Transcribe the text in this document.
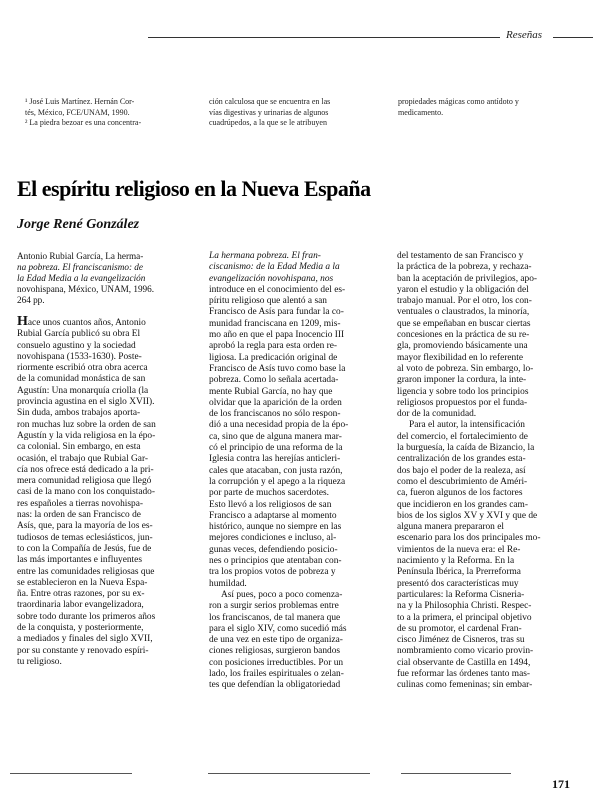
Reseñas
¹ José Luis Martínez. Hernán Cor-
tés, México, FCE/UNAM, 1990.
² La piedra bezoar es una concentra-
ción calculosa que se encuentra en las
vías digestivas y urinarias de algunos
cuadrúpedos, a la que se le atribuyen
propiedades mágicas como antídoto y
medicamento.
El espíritu religioso en la Nueva España
Jorge René González
Antonio Rubial García, La herma-
na pobreza. El franciscanismo: de
la Edad Media a la evangelización
novohispana, México, UNAM, 1996.
264 pp.
Hace unos cuantos años, Antonio
Rubial García publicó su obra El
consuelo agustino y la sociedad
novohispana (1533-1630). Poste-
riormente escribió otra obra acerca
de la comunidad monástica de san
Agustín: Una monarquía criolla (la
provincia agustina en el siglo XVII).
Sin duda, ambos trabajos aporta-
ron muchas luz sobre la orden de san
Agustín y la vida religiosa en la épo-
ca colonial. Sin embargo, en esta
ocasión, el trabajo que Rubial Gar-
cía nos ofrece está dedicado a la pri-
mera comunidad religiosa que llegó
casi de la mano con los conquistado-
res españoles a tierras novohispa-
nas: la orden de san Francisco de
Asís, que, para la mayoría de los es-
tudiosos de temas eclesiásticos, jun-
to con la Compañía de Jesús, fue de
las más importantes e influyentes
entre las comunidades religiosas que
se establecieron en la Nueva Espa-
ña. Entre otras razones, por su ex-
traordinaria labor evangelizadora,
sobre todo durante los primeros años
de la conquista, y posteriormente,
a mediados y finales del siglo XVII,
por su constante y renovado espíri-
tu religioso.
La hermana pobreza. El fran-
ciscanismo: de la Edad Media a la
evangelización novohispana, nos
introduce en el conocimiento del es-
píritu religioso que alentó a san
Francisco de Asís para fundar la co-
munidad franciscana en 1209, mis-
mo año en que el papa Inocencio III
aprobó la regla para esta orden re-
ligiosa. La predicación original de
Francisco de Asís tuvo como base la
pobreza. Como lo señala acertada-
mente Rubial García, no hay que
olvidar que la aparición de la orden
de los franciscanos no sólo respon-
dió a una necesidad propia de la épo-
ca, sino que de alguna manera mar-
có el principio de una reforma de la
Iglesia contra las herejías anticleri-
cales que atacaban, con justa razón,
la corrupción y el apego a la riqueza
por parte de muchos sacerdotes.
Esto llevó a los religiosos de san
Francisco a adaptarse al momento
histórico, aunque no siempre en las
mejores condiciones e incluso, al-
gunas veces, defendiendo posicio-
nes o principios que atentaban con-
tra los propios votos de pobreza y
humildad.
Así pues, poco a poco comenza-
ron a surgir serios problemas entre
los franciscanos, de tal manera que
para el siglo XIV, como sucedió más
de una vez en este tipo de organiza-
ciones religiosas, surgieron bandos
con posiciones irreductibles. Por un
lado, los frailes espirituales o zelan-
tes que defendían la obligatoriedad
del testamento de san Francisco y
la práctica de la pobreza, y rechaza-
ban la aceptación de privilegios, apo-
yaron el estudio y la obligación del
trabajo manual. Por el otro, los con-
ventuales o claustrados, la minoría,
que se empeñaban en buscar ciertas
concesiones en la práctica de su re-
gla, promoviendo básicamente una
mayor flexibilidad en lo referente
al voto de pobreza. Sin embargo, lo-
graron imponer la cordura, la inte-
ligencia y sobre todo los principios
religiosos propuestos por el funda-
dor de la comunidad.
Para el autor, la intensificación
del comercio, el fortalecimiento de
la burguesía, la caída de Bizancio, la
centralización de los grandes esta-
dos bajo el poder de la realeza, así
como el descubrimiento de Améri-
ca, fueron algunos de los factores
que incidieron en los grandes cam-
bios de los siglos XV y XVI y que de
alguna manera prepararon el
escenario para los dos principales mo-
vimientos de la nueva era: el Re-
nacimiento y la Reforma. En la
Península Ibérica, la Prerreforma
presentó dos características muy
particulares: la Reforma Cisneria-
na y la Philosophia Christi. Respec-
to a la primera, el principal objetivo
de su promotor, el cardenal Fran-
cisco Jiménez de Cisneros, tras su
nombramiento como vicario provin-
cial observante de Castilla en 1494,
fue reformar las órdenes tanto mas-
culinas como femeninas; sin embar-
171
